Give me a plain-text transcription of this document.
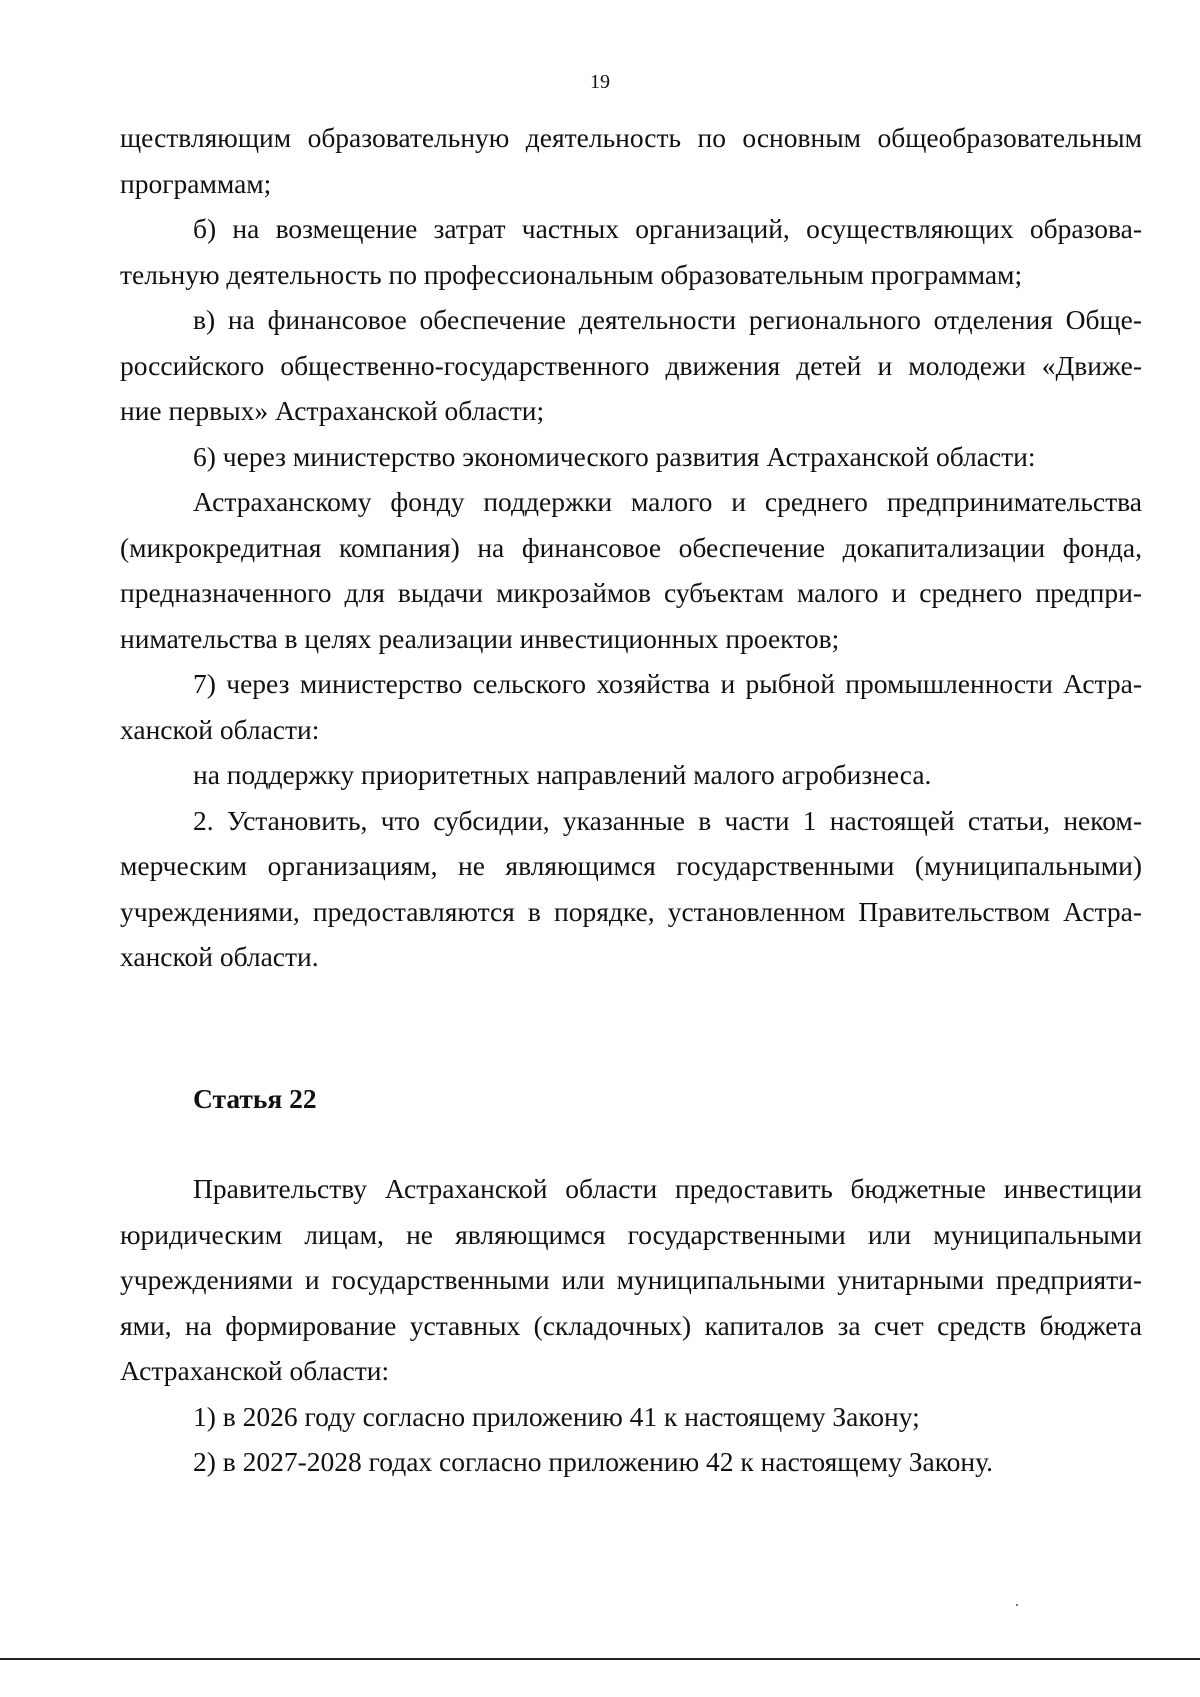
19
ществляющим образовательную деятельность по основным общеобразовательным
программам;
б) на возмещение затрат частных организаций, осуществляющих образова-
тельную деятельность по профессиональным образовательным программам;
в) на финансовое обеспечение деятельности регионального отделения Обще-
российского общественно-государственного движения детей и молодежи «Движе-
ние первых» Астраханской области;
6) через министерство экономического развития Астраханской области:
Астраханскому фонду поддержки малого и среднего предпринимательства
(микрокредитная компания) на финансовое обеспечение докапитализации фонда,
предназначенного для выдачи микрозаймов субъектам малого и среднего предпри-
нимательства в целях реализации инвестиционных проектов;
7) через министерство сельского хозяйства и рыбной промышленности Астра-
ханской области:
на поддержку приоритетных направлений малого агробизнеса.
2. Установить, что субсидии, указанные в части 1 настоящей статьи, неком-
мерческим организациям, не являющимся государственными (муниципальными)
учреждениями, предоставляются в порядке, установленном Правительством Астра-
ханской области.
Статья 22
Правительству Астраханской области предоставить бюджетные инвестиции
юридическим лицам, не являющимся государственными или муниципальными
учреждениями и государственными или муниципальными унитарными предприяти-
ями, на формирование уставных (складочных) капиталов за счет средств бюджета
Астраханской области:
1) в 2026 году согласно приложению 41 к настоящему Закону;
2) в 2027-2028 годах согласно приложению 42 к настоящему Закону.
